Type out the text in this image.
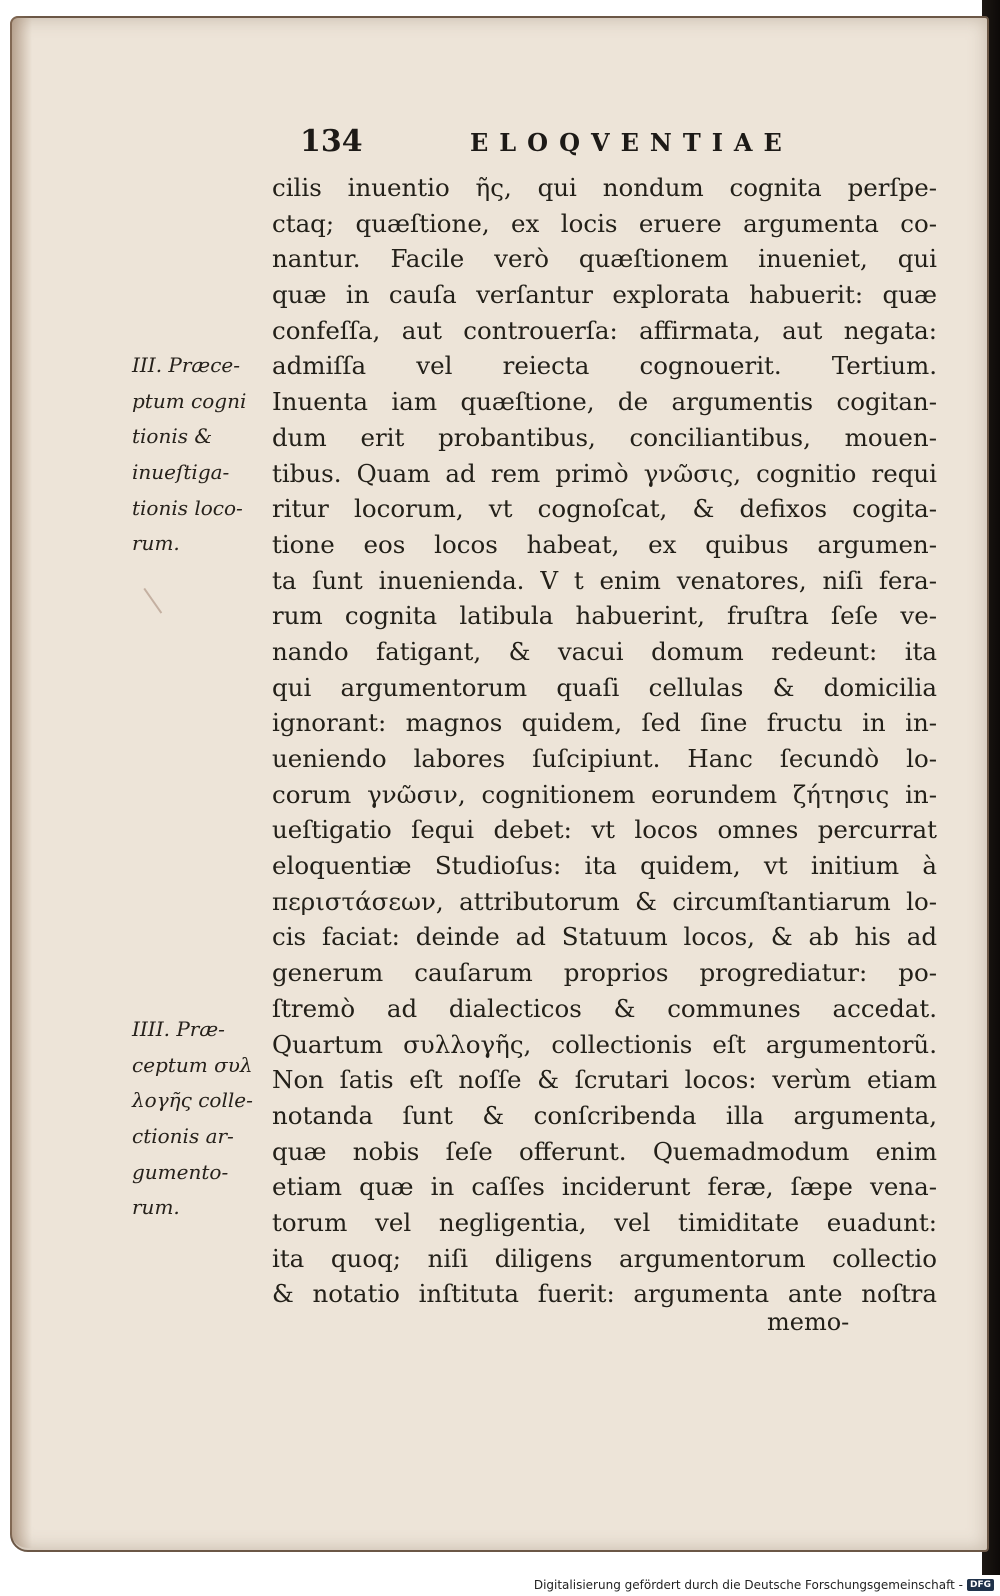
134	ELOQVENTIAE
cilis inuentio ῆς, qui nondum cognita perſpe-
ctaq; quæſtione, ex locis eruere argumenta co-
nantur. Facile verò quæſtionem inueniet, qui
quæ in cauſa verſantur explorata habuerit: quæ
confeſſa, aut controuerſa: affirmata, aut negata:
admiſſa vel reiecta cognouerit. Tertium.
Inuenta iam quæſtione, de argumentis cogitan-
dum erit probantibus, conciliantibus, mouen-
tibus. Quam ad rem primò γνῶσις, cognitio requi
ritur locorum, vt cognoſcat, & defixos cogita-
tione eos locos habeat, ex quibus argumen-
ta ſunt inuenienda. V t enim venatores, niſi fera-
rum cognita latibula habuerint, fruſtra ſeſe ve-
nando fatigant, & vacui domum redeunt: ita
qui argumentorum quaſi cellulas & domicilia
ignorant: magnos quidem, ſed ſine fructu in in-
ueniendo labores ſuſcipiunt. Hanc ſecundò lo-
corum γνῶσιν, cognitionem eorundem ζήτησις in-
ueſtigatio ſequi debet: vt locos omnes percurrat
eloquentiæ Studioſus: ita quidem, vt initium à
περιστάσεων, attributorum & circumſtantiarum lo-
cis faciat: deinde ad Statuum locos, & ab his ad
generum cauſarum proprios progrediatur: po-
ſtremò ad dialecticos & communes accedat.
Quartum συλλογῆς, collectionis eſt argumentorũ.
Non ſatis eſt noſſe & ſcrutari locos: verùm etiam
notanda ſunt & conſcribenda illa argumenta,
quæ nobis ſeſe offerunt. Quemadmodum enim
etiam quæ in caſſes inciderunt feræ, ſæpe vena-
torum vel negligentia, vel timiditate euadunt:
ita quoq; niſi diligens argumentorum collectio
& notatio inſtituta fuerit: argumenta ante noſtra
memo-
III. Præce-
ptum cogni
tionis &
inueſtiga-
tionis loco-
rum.
IIII. Præ-
ceptum συλ
λογῆς colle-
ctionis ar-
gumento-
rum.
Digitalisierung gefördert durch die Deutsche Forschungsgemeinschaft - DFG
